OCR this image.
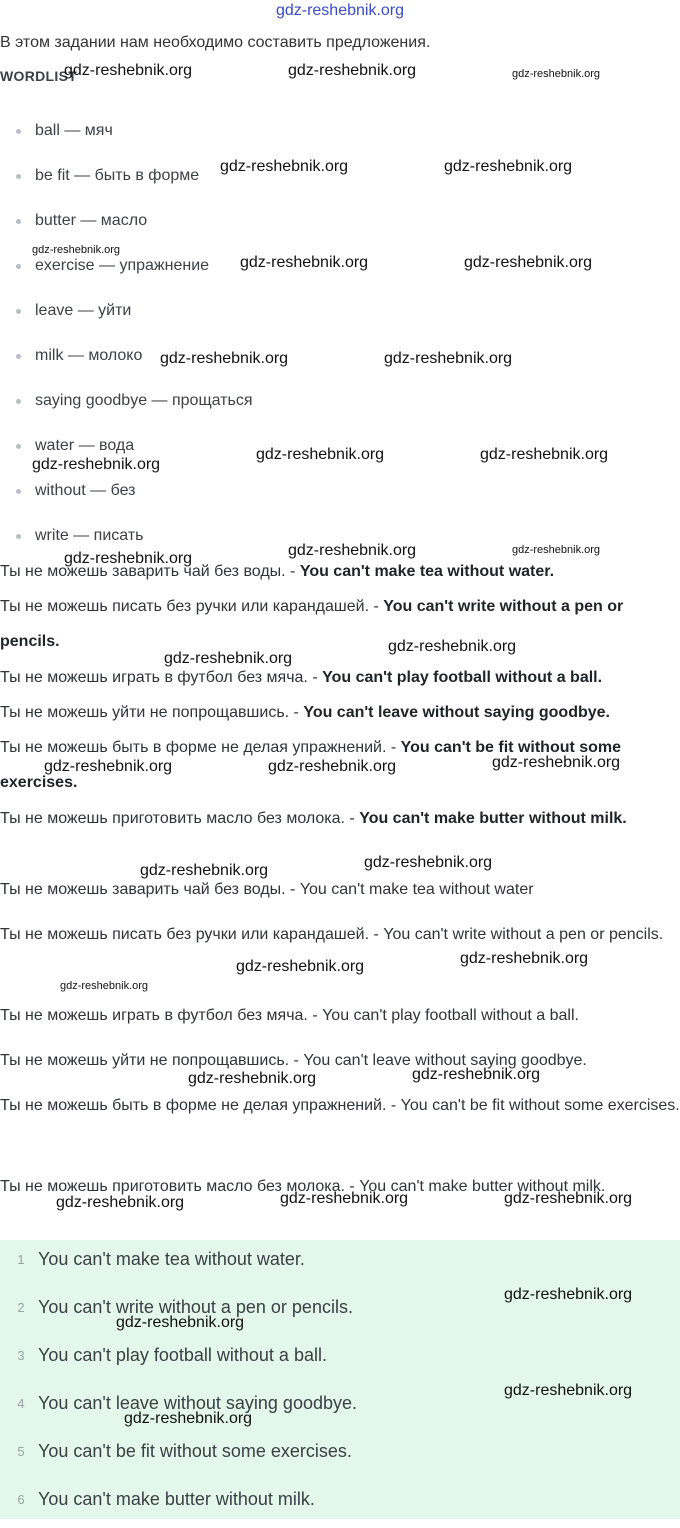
gdz-reshebnik.org
В этом задании нам необходимо составить предложения.
WORDLIST
ball — мяч
be fit — быть в форме
butter — масло
exercise — упражнение
leave — уйти
milk — молоко
saying goodbye — прощаться
water — вода
without — без
write — писать
Ты не можешь заварить чай без воды. - You can't make tea without water.
Ты не можешь писать без ручки или карандашей. - You can't write without a pen or pencils.
Ты не можешь играть в футбол без мяча. - You can't play football without a ball.
Ты не можешь уйти не попрощавшись. - You can't leave without saying goodbye.
Ты не можешь быть в форме не делая упражнений. - You can't be fit without some exercises.
Ты не можешь приготовить масло без молока. - You can't make butter without milk.
Ты не можешь заварить чай без воды. - You can't make tea without water
Ты не можешь писать без ручки или карандашей. - You can't write without a pen or pencils.
Ты не можешь играть в футбол без мяча. - You can't play football without a ball.
Ты не можешь уйти не попрощавшись. - You can't leave without saying goodbye.
Ты не можешь быть в форме не делая упражнений. - You can't be fit without some exercises.
Ты не можешь приготовить масло без молока. - You can't make butter without milk.
1 You can't make tea without water.
2 You can't write without a pen or pencils.
3 You can't play football without a ball.
4 You can't leave without saying goodbye.
5 You can't be fit without some exercises.
6 You can't make butter without milk.
gdz-reshebnik.org	gdz-reshebnik.org	gdz-reshebnik.org
gdz-reshebnik.org	gdz-reshebnik.org
gdz-reshebnik.org
gdz-reshebnik.org	gdz-reshebnik.org
gdz-reshebnik.org	gdz-reshebnik.org
gdz-reshebnik.org
gdz-reshebnik.org	gdz-reshebnik.org
gdz-reshebnik.org	gdz-reshebnik.org	gdz-reshebnik.org
gdz-reshebnik.org
gdz-reshebnik.org
gdz-reshebnik.org	gdz-reshebnik.org	gdz-reshebnik.org
gdz-reshebnik.org
gdz-reshebnik.org
gdz-reshebnik.org	gdz-reshebnik.org
gdz-reshebnik.org
gdz-reshebnik.org	gdz-reshebnik.org
gdz-reshebnik.org	gdz-reshebnik.org	gdz-reshebnik.org
gdz-reshebnik.org
gdz-reshebnik.org
gdz-reshebnik.org
gdz-reshebnik.org
